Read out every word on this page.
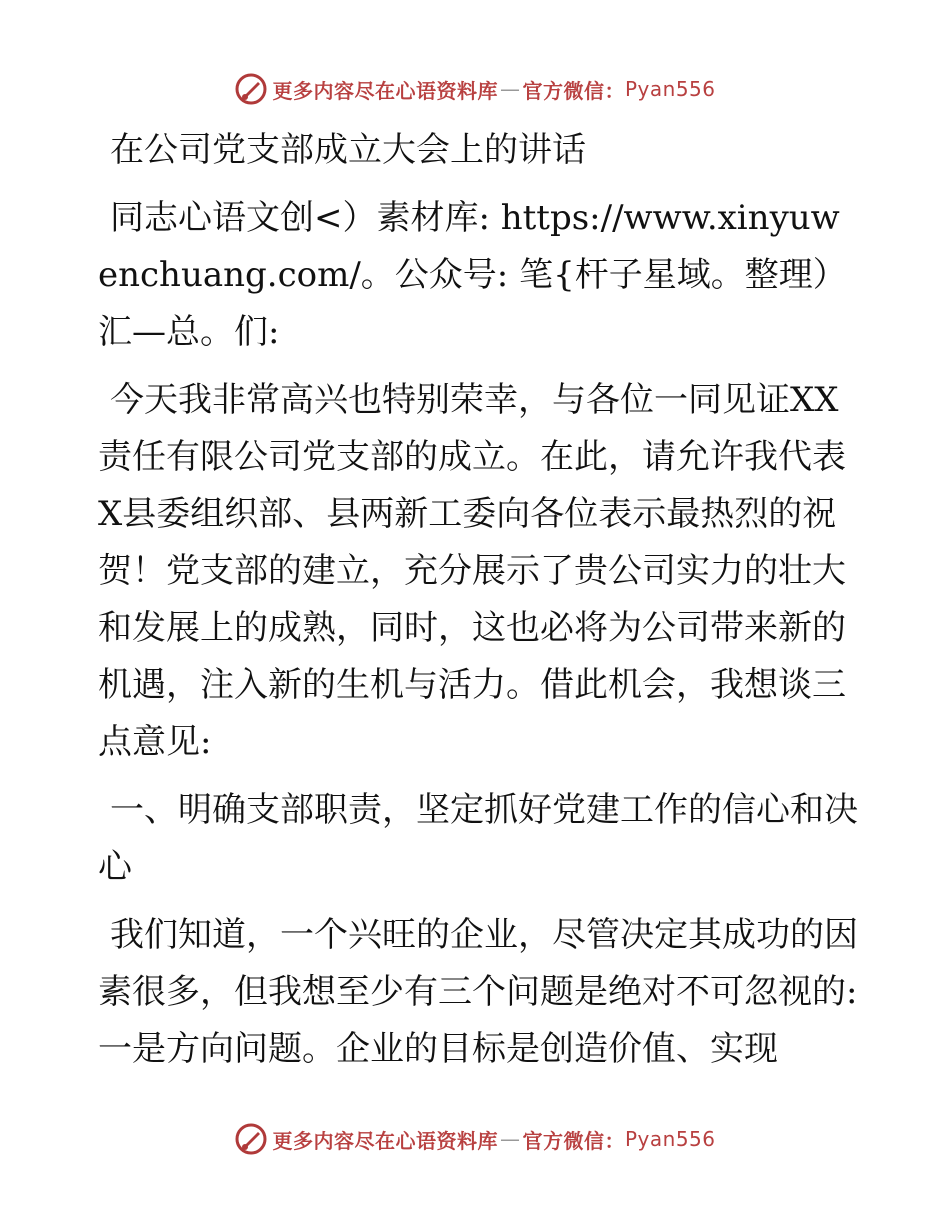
更多内容尽在心语资料库 — 官方微信： Pyan556

在公司党支部成立大会上的讲话

同志心语文创<）素材库: https://www.xinyuwenchuang.com/。公众号: 笔{杆子星域。整理）汇—总。们:

今天我非常高兴也特别荣幸，与各位一同见证XX责任有限公司党支部的成立。在此，请允许我代表X县委组织部、县两新工委向各位表示最热烈的祝贺！党支部的建立，充分展示了贵公司实力的壮大和发展上的成熟，同时，这也必将为公司带来新的机遇，注入新的生机与活力。借此机会，我想谈三点意见:

一、明确支部职责，坚定抓好党建工作的信心和决心

我们知道，一个兴旺的企业，尽管决定其成功的因素很多，但我想至少有三个问题是绝对不可忽视的: 一是方向问题。企业的目标是创造价值、实现

更多内容尽在心语资料库 — 官方微信： Pyan556
